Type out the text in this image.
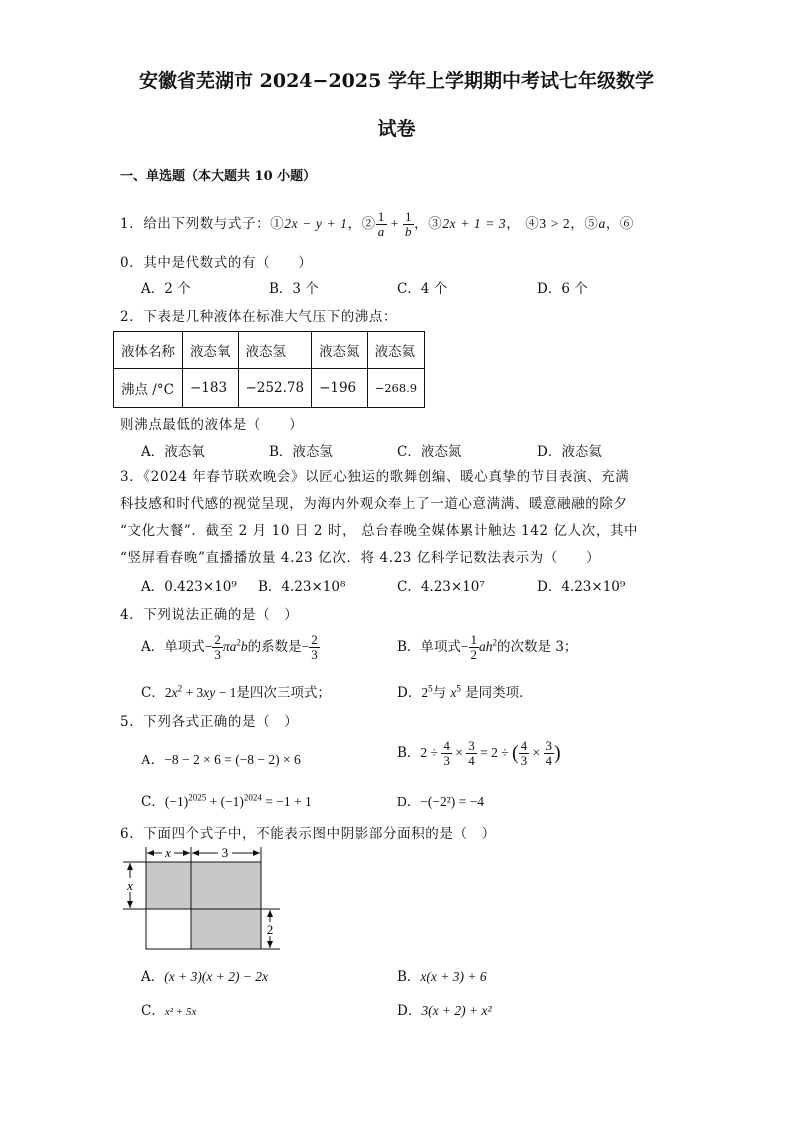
安徽省芜湖市 2024−2025 学年上学期期中考试七年级数学
试卷
一、单选题（本大题共 10 小题）
1．给出下列数与式子：①2x − y + 1，② $\frac{1}{a} + \frac{1}{b}$ ，③2x + 1 = 3， ④3 > 2，⑤a，⑥
0．其中是代数式的有（　　）
A．2 个	B．3 个	C．4 个	D．6 个
2．下表是几种液体在标准大气压下的沸点：
液体名称	液态氧	液态氢	液态氮	液态氦
沸点 /°C	−183	−252.78	−196	−268.9
则沸点最低的液体是（　　）
A．液态氧	B．液态氢	C．液态氮	D．液态氦
3．《2024 年春节联欢晚会》以匠心独运的歌舞创编、暖心真挚的节目表演、充满
科技感和时代感的视觉呈现，为海内外观众奉上了一道心意满满、暖意融融的除夕
“文化大餐”．截至 2 月 10 日 2 时， 总台春晚全媒体累计触达 142 亿人次，其中
“竖屏看春晚”直播播放量 4.23 亿次．将 4.23 亿科学记数法表示为（　　）
A．0.423×10⁹ B．4.23×10⁸	C．4.23×10⁷	D．4.23×10⁹
4．下列说法正确的是（　）
A．单项式− $\frac{2}{3} \pi a^2b$的系数是− $\frac{2}{3}$	B．单项式− $\frac{1}{2} ah^2$的次数是 3；
C．$2x^2 + 3xy - 1$是四次三项式；	D．$2^5$与 $x^5$ 是同类项．
5．下列各式正确的是（　）
A．−8 − 2 × 6 = (−8 − 2) × 6	B．$2 \div \frac{4}{3} \times \frac{3}{4} = 2$ ÷ ( $\frac{4}{3} \times \frac{3}{4}$ )
C．$(-1)^{2025} + (-1)^{2024} = -1 + 1$	D．−(−2²) = −4
6．下面四个式子中，不能表示图中阴影部分面积的是（　）
x	3
x
2
A．(x + 3)(x + 2) − 2x	B．x(x + 3) + 6
C．x² + 5x	D．3(x + 2) + x²
